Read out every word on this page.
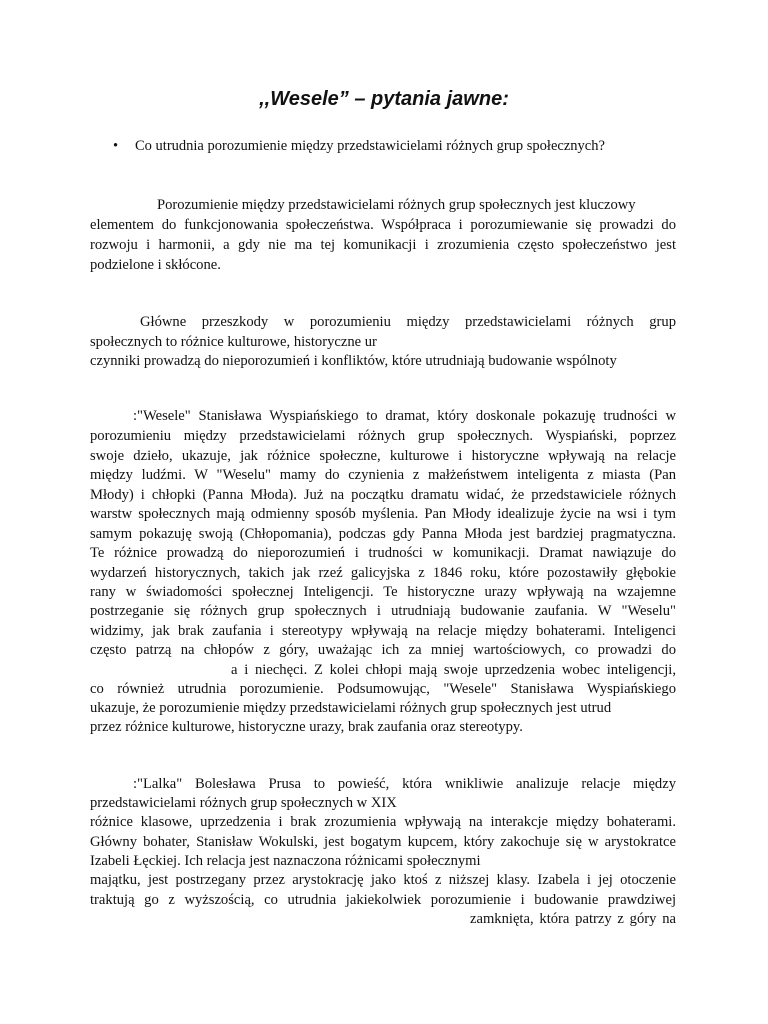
,,Wesele” – pytania jawne:
• Co utrudnia porozumienie między przedstawicielami różnych grup społecznych?
Porozumienie między przedstawicielami różnych grup społecznych jest kluczowy
elementem do funkcjonowania społeczeństwa. Współpraca i porozumiewanie się prowadzi do
rozwoju i harmonii, a gdy nie ma tej komunikacji i zrozumienia często społeczeństwo jest
podzielone i skłócone.
Główne przeszkody w porozumieniu między przedstawicielami różnych grup
społecznych to różnice kulturowe, historyczne ur
czynniki prowadzą do nieporozumień i konfliktów, które utrudniają budowanie wspólnoty
:"Wesele" Stanisława Wyspiańskiego to dramat, który doskonale pokazuję trudności w
porozumieniu między przedstawicielami różnych grup społecznych. Wyspiański, poprzez
swoje dzieło, ukazuje, jak różnice społeczne, kulturowe i historyczne wpływają na relacje
między ludźmi. W "Weselu" mamy do czynienia z małżeństwem inteligenta z miasta (Pan
Młody) i chłopki (Panna Młoda). Już na początku dramatu widać, że przedstawiciele różnych
warstw społecznych mają odmienny sposób myślenia. Pan Młody idealizuje życie na wsi i tym
samym pokazuję swoją (Chłopomania), podczas gdy Panna Młoda jest bardziej pragmatyczna.
Te różnice prowadzą do nieporozumień i trudności w komunikacji. Dramat nawiązuje do
wydarzeń historycznych, takich jak rzeź galicyjska z 1846 roku, które pozostawiły głębokie
rany w świadomości społecznej Inteligencji. Te historyczne urazy wpływają na wzajemne
postrzeganie się różnych grup społecznych i utrudniają budowanie zaufania. W "Weselu"
widzimy, jak brak zaufania i stereotypy wpływają na relacje między bohaterami. Inteligenci
często patrzą na chłopów z góry, uważając ich za mniej wartościowych, co prowadzi do
a i niechęci. Z kolei chłopi mają swoje uprzedzenia wobec inteligencji,
co również utrudnia porozumienie. Podsumowując, "Wesele" Stanisława Wyspiańskiego
ukazuje, że porozumienie między przedstawicielami różnych grup społecznych jest utrud
przez różnice kulturowe, historyczne urazy, brak zaufania oraz stereotypy.
:"Lalka" Bolesława Prusa to powieść, która wnikliwie analizuje relacje między
przedstawicielami różnych grup społecznych w XIX
różnice klasowe, uprzedzenia i brak zrozumienia wpływają na interakcje między bohaterami.
Główny bohater, Stanisław Wokulski, jest bogatym kupcem, który zakochuje się w arystokratce
Izabeli Łęckiej. Ich relacja jest naznaczona różnicami społecznymi
majątku, jest postrzegany przez arystokrację jako ktoś z niższej klasy. Izabela i jej otoczenie
traktują go z wyższością, co utrudnia jakiekolwiek porozumienie i budowanie prawdziwej
zamknięta, która patrzy z góry na
